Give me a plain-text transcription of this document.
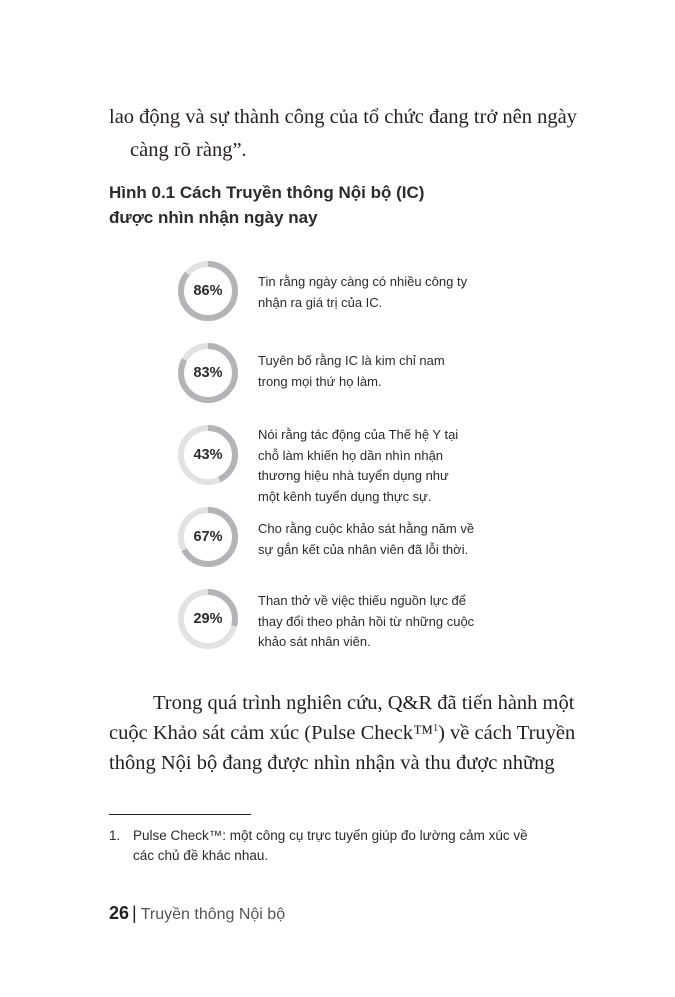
lao động và sự thành công của tổ chức đang trở nên ngày
càng rõ ràng”.

Hình 0.1 Cách Truyền thông Nội bộ (IC)
được nhìn nhận ngày nay
86%

Tin rằng ngày càng có nhiều công ty
nhận ra giá trị của IC.

83%

Tuyên bố rằng IC là kim chỉ nam
trong mọi thứ họ làm.

43%

Nói rằng tác động của Thế hệ Y tại
chỗ làm khiến họ dần nhìn nhận
thương hiệu nhà tuyển dụng như
một kênh tuyển dụng thực sự.

67%

Cho rằng cuộc khảo sát hằng năm về
sự gắn kết của nhân viên đã lỗi thời.

29%

Than thở về việc thiếu nguồn lực để
thay đổi theo phản hồi từ những cuộc
khảo sát nhân viên.

Trong quá trình nghiên cứu, Q&R đã tiến hành một
cuộc Khảo sát cảm xúc (Pulse Check™$^1$) về cách Truyền
thông Nội bộ đang được nhìn nhận và thu được những

1. Pulse Check™: một công cụ trực tuyến giúp đo lường cảm xúc về
các chủ đề khác nhau.

26 | Truyền thông Nội bộ
